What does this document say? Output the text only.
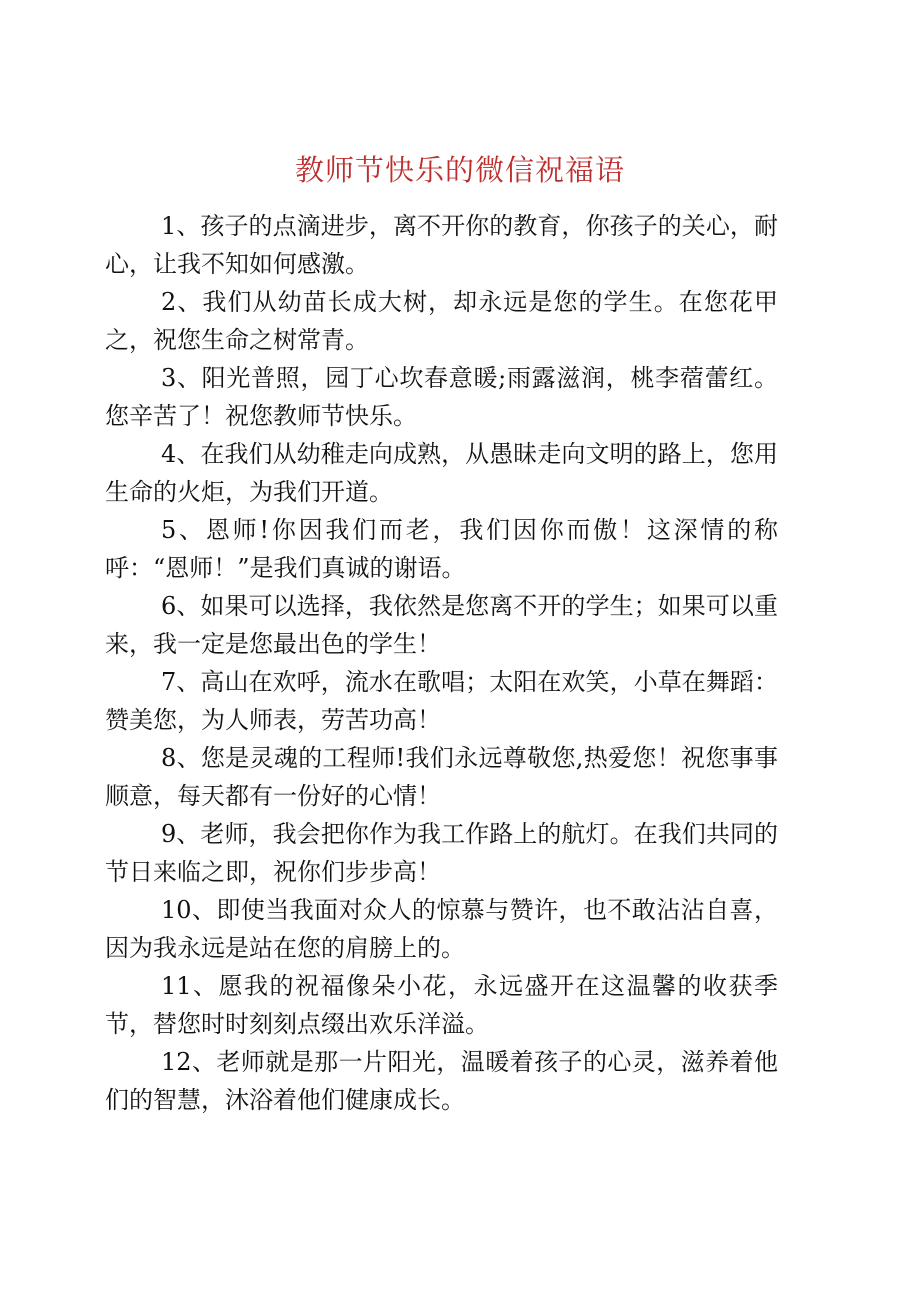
教师节快乐的微信祝福语

1、孩子的点滴进步，离不开你的教育，你孩子的关心，耐心，让我不知如何感激。

2、我们从幼苗长成大树，却永远是您的学生。在您花甲之，祝您生命之树常青。

3、阳光普照，园丁心坎春意暖;雨露滋润，桃李蓿蕾红。您辛苦了！祝您教师节快乐。

4、在我们从幼稚走向成熟，从愚昧走向文明的路上，您用生命的火炬，为我们开道。

5、恩师!你因我们而老，我们因你而傲！这深情的称呼：“恩师！”是我们真诚的谢语。

6、如果可以选择，我依然是您离不开的学生；如果可以重来，我一定是您最出色的学生！

7、高山在欢呼，流水在歌唱；太阳在欢笑，小草在舞蹈：赞美您，为人师表，劳苦功高！

8、您是灵魂的工程师!我们永远尊敬您,热爱您！祝您事事顺意，每天都有一份好的心情！

9、老师，我会把你作为我工作路上的航灯。在我们共同的节日来临之即，祝你们步步高！

10、即使当我面对众人的惊慕与赞许，也不敢沾沾自喜，因为我永远是站在您的肩膀上的。

11、愿我的祝福像朵小花，永远盛开在这温馨的收获季节，替您时时刻刻点缀出欢乐洋溢。

12、老师就是那一片阳光，温暖着孩子的心灵，滋养着他们的智慧，沐浴着他们健康成长。
